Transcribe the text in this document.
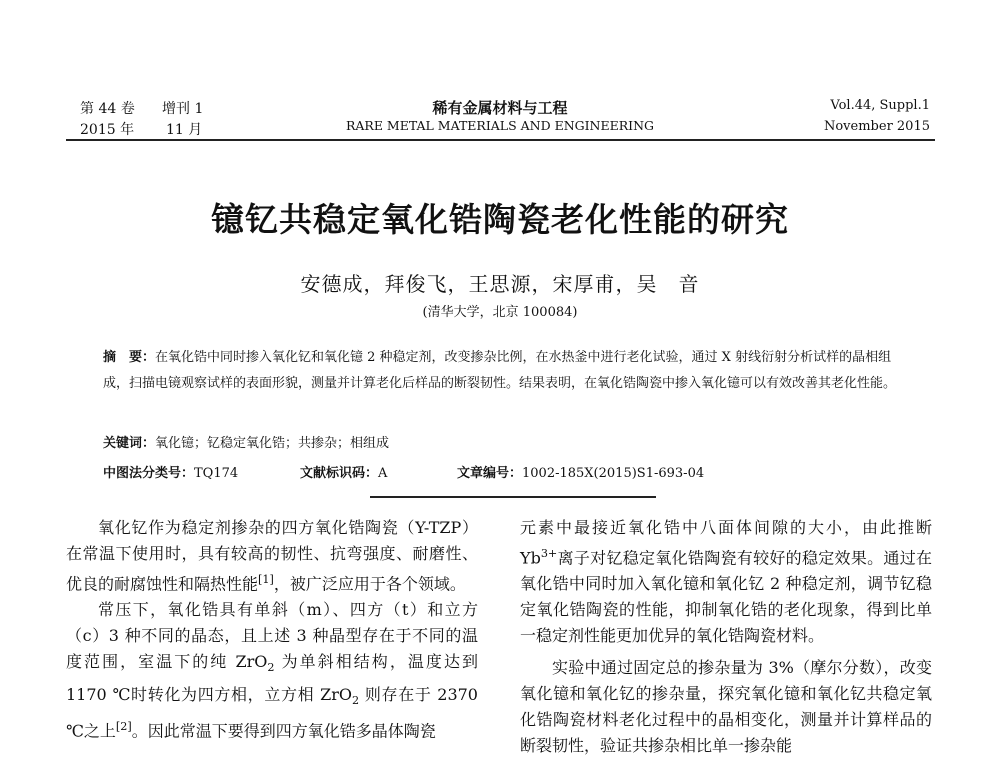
第 44 卷 增刊 1
2015 年 11 月
稀有金属材料与工程
RARE METAL MATERIALS AND ENGINEERING
Vol.44, Suppl.1
November 2015
镱钇共稳定氧化锆陶瓷老化性能的研究
安德成，拜俊飞，王思源，宋厚甫，吴　音
(清华大学，北京 100084)
摘　要：在氧化锆中同时掺入氧化钇和氧化镱 2 种稳定剂，改变掺杂比例，在水热釜中进行老化试验，通过 X 射线衍射分析试样的晶相组成，扫描电镜观察试样的表面形貌，测量并计算老化后样品的断裂韧性。结果表明，在氧化锆陶瓷中掺入氧化镱可以有效改善其老化性能。
关键词：氧化镱；钇稳定氧化锆；共掺杂；相组成
中图法分类号：TQ174	文献标识码：A	文章编号：1002-185X(2015)S1-693-04

氧化钇作为稳定剂掺杂的四方氧化锆陶瓷（Y-TZP）在常温下使用时，具有较高的韧性、抗弯强度、耐磨性、优良的耐腐蚀性和隔热性能[1]，被广泛应用于各个领域。

常压下，氧化锆具有单斜（m）、四方（t）和立方（c）3 种不同的晶态，且上述 3 种晶型存在于不同的温度范围，室温下的纯 ZrO$_2$ 为单斜相结构，温度达到 1170 ℃时转化为四方相，立方相 ZrO$_2$ 则存在于 2370 ℃之上[2]。因此常温下要得到四方氧化锆多晶体陶瓷

元素中最接近氧化锆中八面体间隙的大小，由此推断 $Yb^{3+}$离子对钇稳定氧化锆陶瓷有较好的稳定效果。通过在氧化锆中同时加入氧化镱和氧化钇 2 种稳定剂，调节钇稳定氧化锆陶瓷的性能，抑制氧化锆的老化现象，得到比单一稳定剂性能更加优异的氧化锆陶瓷材料。

实验中通过固定总的掺杂量为 3%（摩尔分数），改变氧化镱和氧化钇的掺杂量，探究氧化镱和氧化钇共稳定氧化锆陶瓷材料老化过程中的晶相变化，测量并计算样品的断裂韧性，验证共掺杂相比单一掺杂能
